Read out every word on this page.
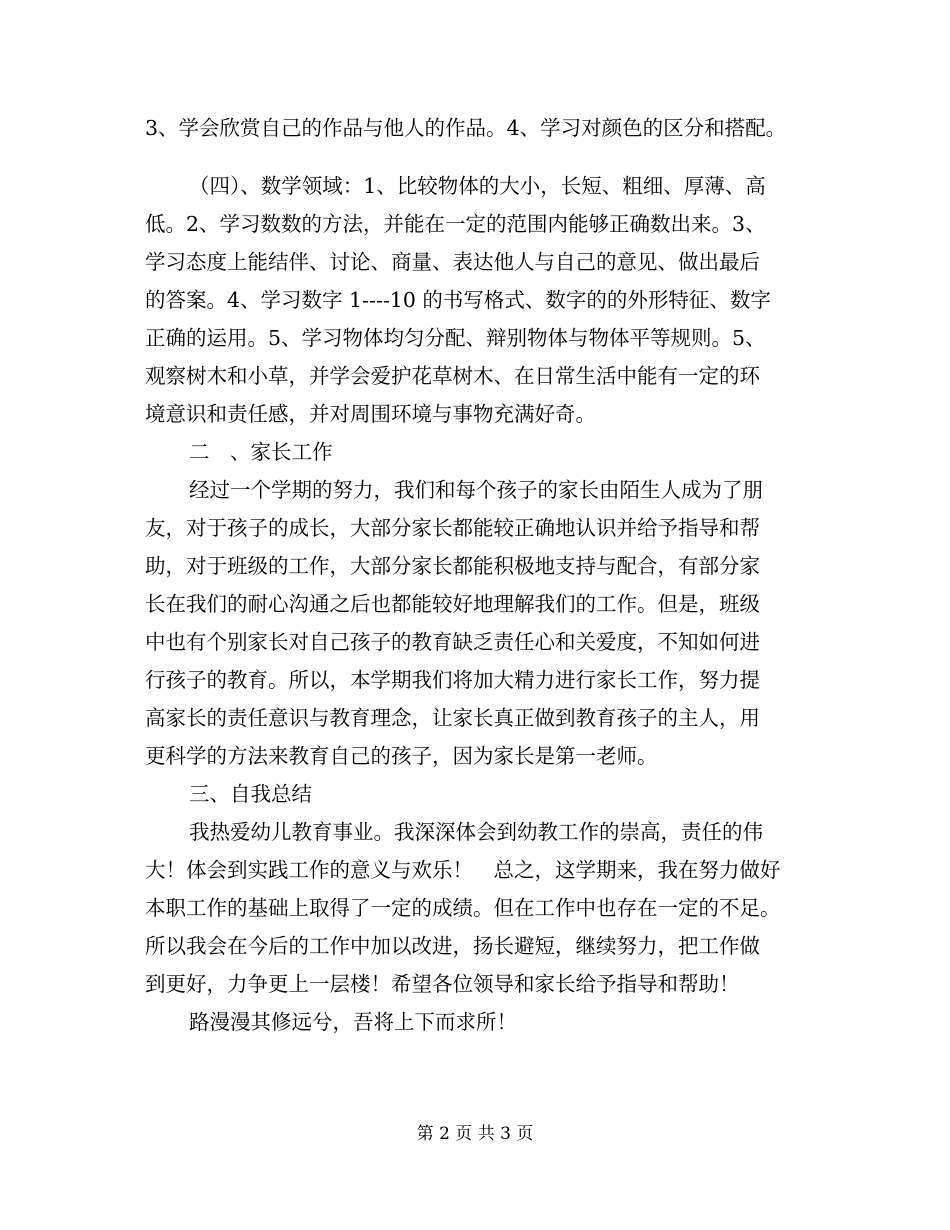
3、学会欣赏自己的作品与他人的作品。4、学习对颜色的区分和搭配。
（四）、数学领域：1、比较物体的大小，长短、粗细、厚薄、高
低。2、学习数数的方法，并能在一定的范围内能够正确数出来。3、
学习态度上能结伴、讨论、商量、表达他人与自己的意见、做出最后
的答案。4、学习数字 1----10 的书写格式、数字的的外形特征、数字
正确的运用。5、学习物体均匀分配、辩别物体与物体平等规则。5、
观察树木和小草，并学会爱护花草树木、在日常生活中能有一定的环
境意识和责任感，并对周围环境与事物充满好奇。
二　、家长工作
经过一个学期的努力，我们和每个孩子的家长由陌生人成为了朋
友，对于孩子的成长，大部分家长都能较正确地认识并给予指导和帮
助，对于班级的工作，大部分家长都能积极地支持与配合，有部分家
长在我们的耐心沟通之后也都能较好地理解我们的工作。但是，班级
中也有个别家长对自己孩子的教育缺乏责任心和关爱度，不知如何进
行孩子的教育。所以，本学期我们将加大精力进行家长工作，努力提
高家长的责任意识与教育理念，让家长真正做到教育孩子的主人，用
更科学的方法来教育自己的孩子，因为家长是第一老师。
三、自我总结
我热爱幼儿教育事业。我深深体会到幼教工作的崇高，责任的伟
大！体会到实践工作的意义与欢乐！　总之，这学期来，我在努力做好
本职工作的基础上取得了一定的成绩。但在工作中也存在一定的不足。
所以我会在今后的工作中加以改进，扬长避短，继续努力，把工作做
到更好，力争更上一层楼！希望各位领导和家长给予指导和帮助！
路漫漫其修远兮，吾将上下而求所！
第 2 页 共 3 页
